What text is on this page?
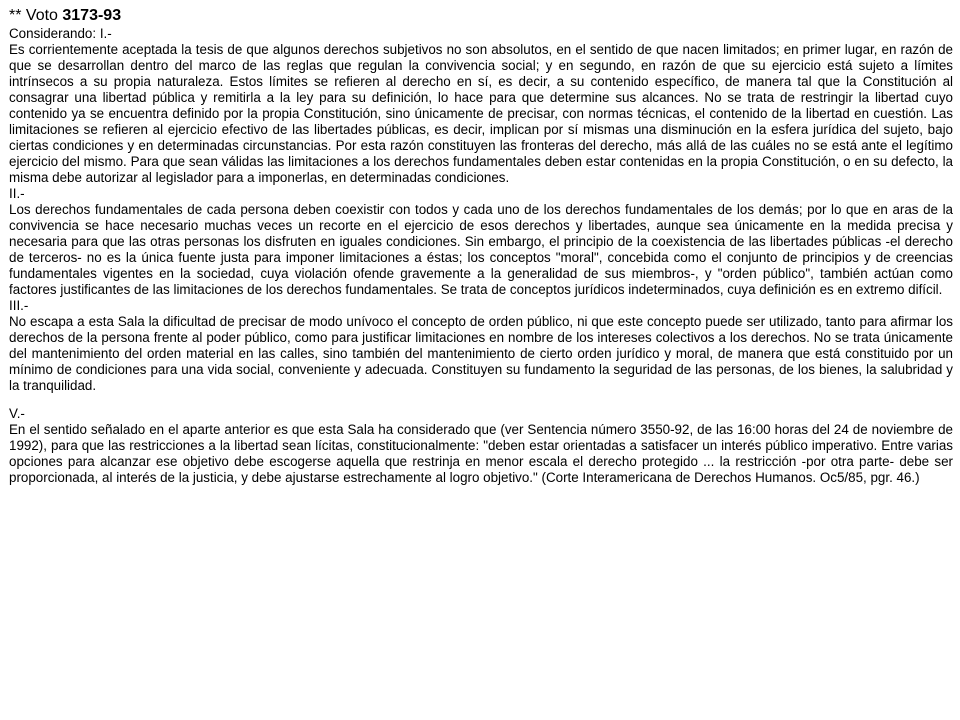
** Voto 3173-93

Considerando: I.-

Es corrientemente aceptada la tesis de que algunos derechos subjetivos no son absolutos, en el sentido de que nacen limitados; en primer lugar, en razón de que se desarrollan dentro del marco de las reglas que regulan la convivencia social; y en segundo, en razón de que su ejercicio está sujeto a límites intrínsecos a su propia naturaleza. Estos límites se refieren al derecho en sí, es decir, a su contenido específico, de manera tal que la Constitución al consagrar una libertad pública y remitirla a la ley para su definición, lo hace para que determine sus alcances. No se trata de restringir la libertad cuyo contenido ya se encuentra definido por la propia Constitución, sino únicamente de precisar, con normas técnicas, el contenido de la libertad en cuestión. Las limitaciones se refieren al ejercicio efectivo de las libertades públicas, es decir, implican por sí mismas una disminución en la esfera jurídica del sujeto, bajo ciertas condiciones y en determinadas circunstancias. Por esta razón constituyen las fronteras del derecho, más allá de las cuáles no se está ante el legítimo ejercicio del mismo. Para que sean válidas las limitaciones a los derechos fundamentales deben estar contenidas en la propia Constitución, o en su defecto, la misma debe autorizar al legislador para a imponerlas, en determinadas condiciones.

II.-

Los derechos fundamentales de cada persona deben coexistir con todos y cada uno de los derechos fundamentales de los demás; por lo que en aras de la convivencia se hace necesario muchas veces un recorte en el ejercicio de esos derechos y libertades, aunque sea únicamente en la medida precisa y necesaria para que las otras personas los disfruten en iguales condiciones. Sin embargo, el principio de la coexistencia de las libertades públicas -el derecho de terceros- no es la única fuente justa para imponer limitaciones a éstas; los conceptos "moral", concebida como el conjunto de principios y de creencias fundamentales vigentes en la sociedad, cuya violación ofende gravemente a la generalidad de sus miembros-, y "orden público", también actúan como factores justificantes de las limitaciones de los derechos fundamentales. Se trata de conceptos jurídicos indeterminados, cuya definición es en extremo difícil.

III.-

No escapa a esta Sala la dificultad de precisar de modo unívoco el concepto de orden público, ni que este concepto puede ser utilizado, tanto para afirmar los derechos de la persona frente al poder público, como para justificar limitaciones en nombre de los intereses colectivos a los derechos. No se trata únicamente del mantenimiento del orden material en las calles, sino también del mantenimiento de cierto orden jurídico y moral, de manera que está constituido por un mínimo de condiciones para una vida social, conveniente y adecuada. Constituyen su fundamento la seguridad de las personas, de los bienes, la salubridad y la tranquilidad.

V.-

En el sentido señalado en el aparte anterior es que esta Sala ha considerado que (ver Sentencia número 3550-92, de las 16:00 horas del 24 de noviembre de 1992), para que las restricciones a la libertad sean lícitas, constitucionalmente: "deben estar orientadas a satisfacer un interés público imperativo. Entre varias opciones para alcanzar ese objetivo debe escogerse aquella que restrinja en menor escala el derecho protegido ... la restricción -por otra parte- debe ser proporcionada, al interés de la justicia, y debe ajustarse estrechamente al logro objetivo." (Corte Interamericana de Derechos Humanos. Oc5/85, pgr. 46.)
